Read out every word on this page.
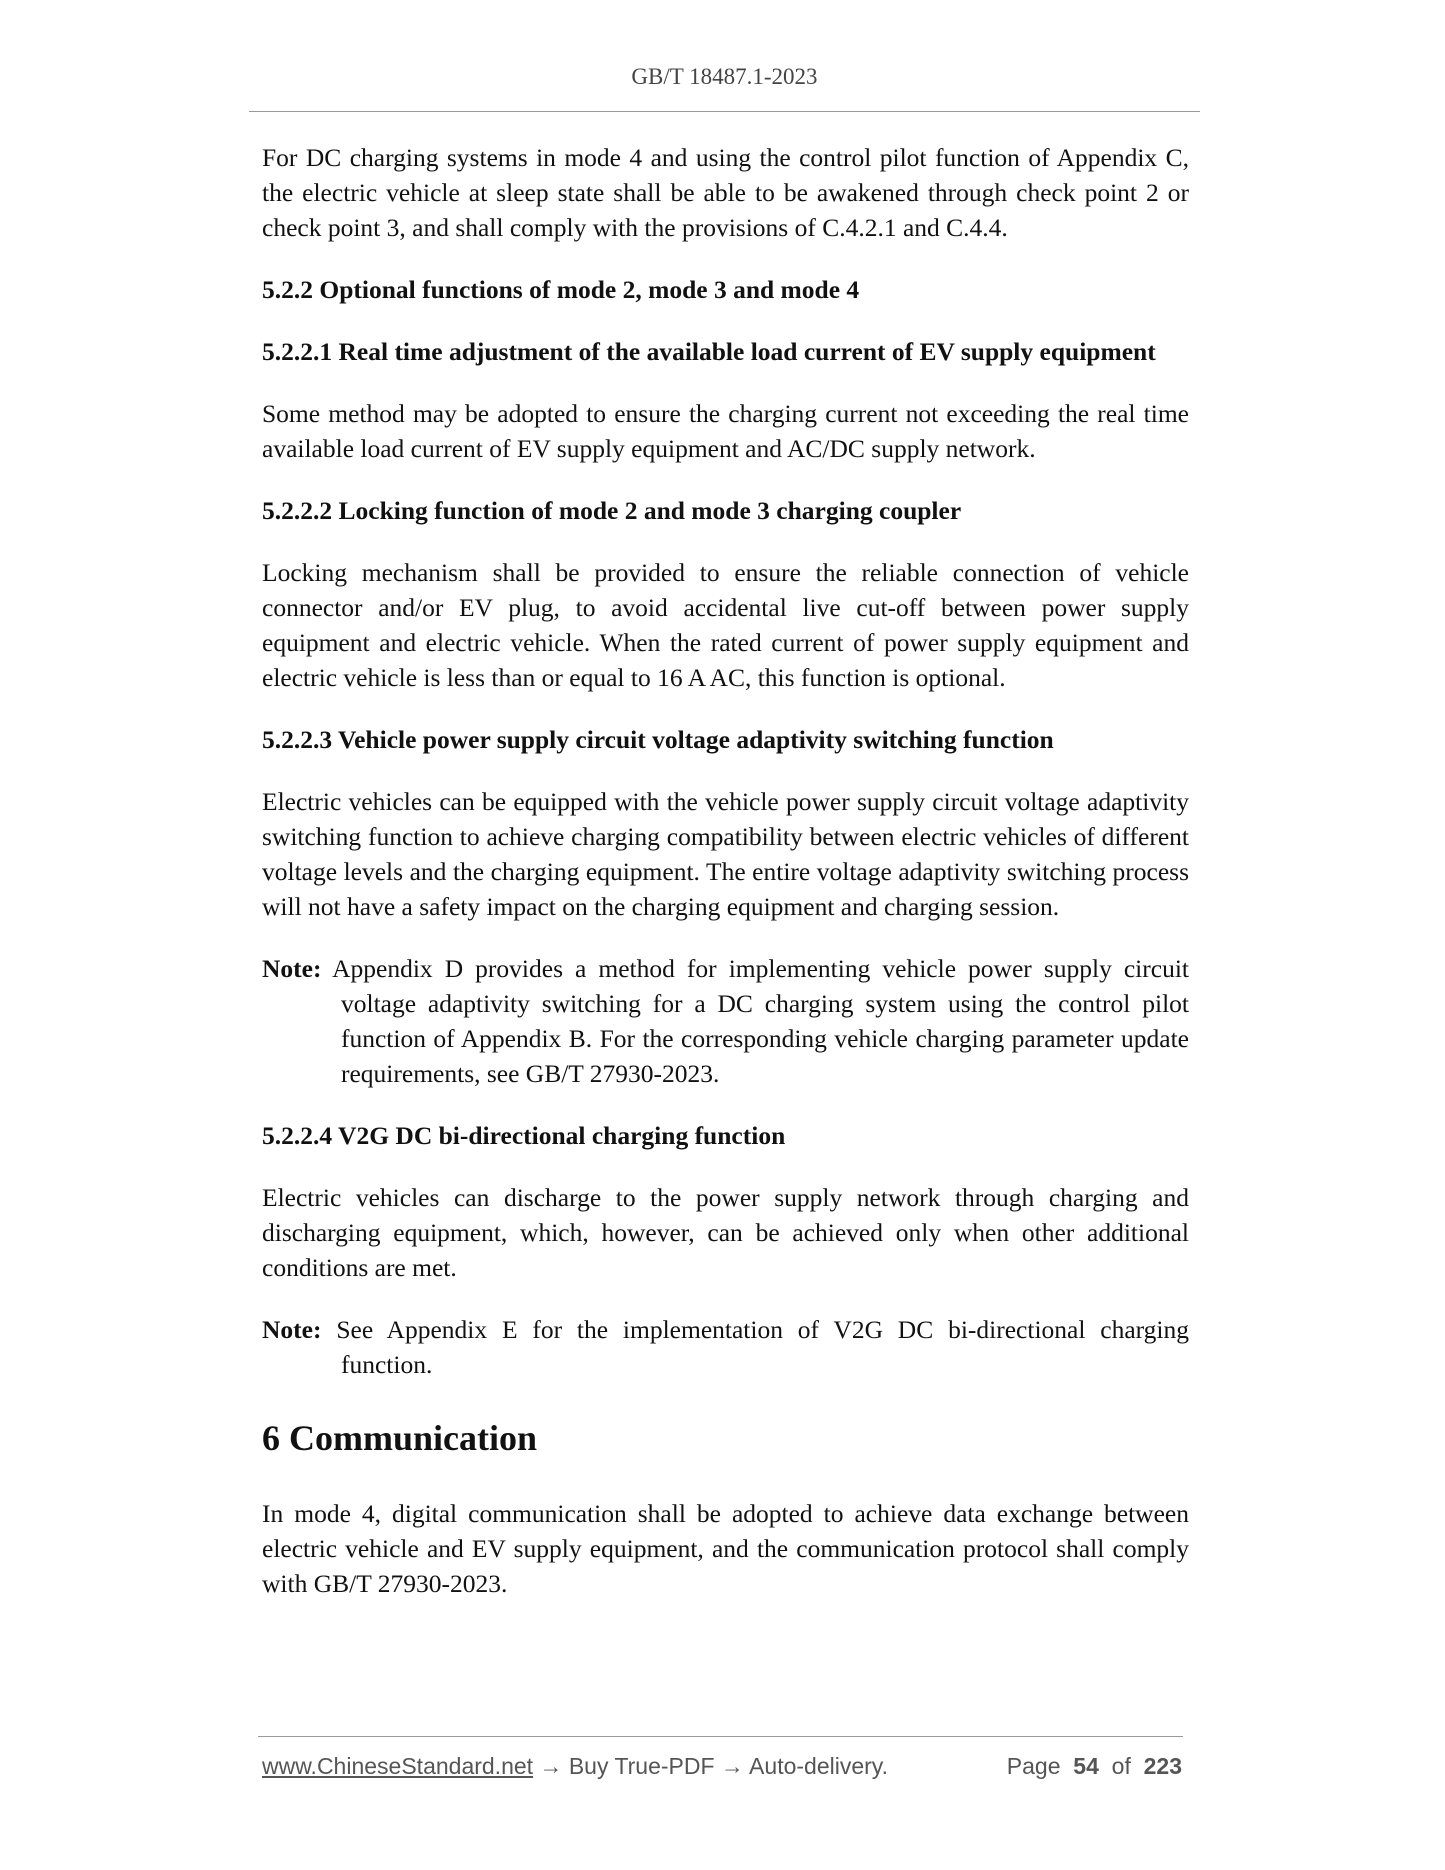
GB/T 18487.1-2023

For DC charging systems in mode 4 and using the control pilot function of Appendix C, the electric vehicle at sleep state shall be able to be awakened through check point 2 or check point 3, and shall comply with the provisions of C.4.2.1 and C.4.4.

5.2.2 Optional functions of mode 2, mode 3 and mode 4
5.2.2.1 Real time adjustment of the available load current of EV supply equipment

Some method may be adopted to ensure the charging current not exceeding the real time available load current of EV supply equipment and AC/DC supply network.

5.2.2.2 Locking function of mode 2 and mode 3 charging coupler

Locking mechanism shall be provided to ensure the reliable connection of vehicle connector and/or EV plug, to avoid accidental live cut-off between power supply equipment and electric vehicle. When the rated current of power supply equipment and electric vehicle is less than or equal to 16 A AC, this function is optional.

5.2.2.3 Vehicle power supply circuit voltage adaptivity switching function

Electric vehicles can be equipped with the vehicle power supply circuit voltage adaptivity switching function to achieve charging compatibility between electric vehicles of different voltage levels and the charging equipment. The entire voltage adaptivity switching process will not have a safety impact on the charging equipment and charging session.

Note: Appendix D provides a method for implementing vehicle power supply circuit voltage adaptivity switching for a DC charging system using the control pilot function of Appendix B. For the corresponding vehicle charging parameter update requirements, see GB/T 27930-2023.

5.2.2.4 V2G DC bi-directional charging function

Electric vehicles can discharge to the power supply network through charging and discharging equipment, which, however, can be achieved only when other additional conditions are met.

Note: See Appendix E for the implementation of V2G DC bi-directional charging function.

6 Communication

In mode 4, digital communication shall be adopted to achieve data exchange between electric vehicle and EV supply equipment, and the communication protocol shall comply with GB/T 27930-2023.

www.ChineseStandard.net → Buy True-PDF → Auto-delivery.	Page 54 of 223
